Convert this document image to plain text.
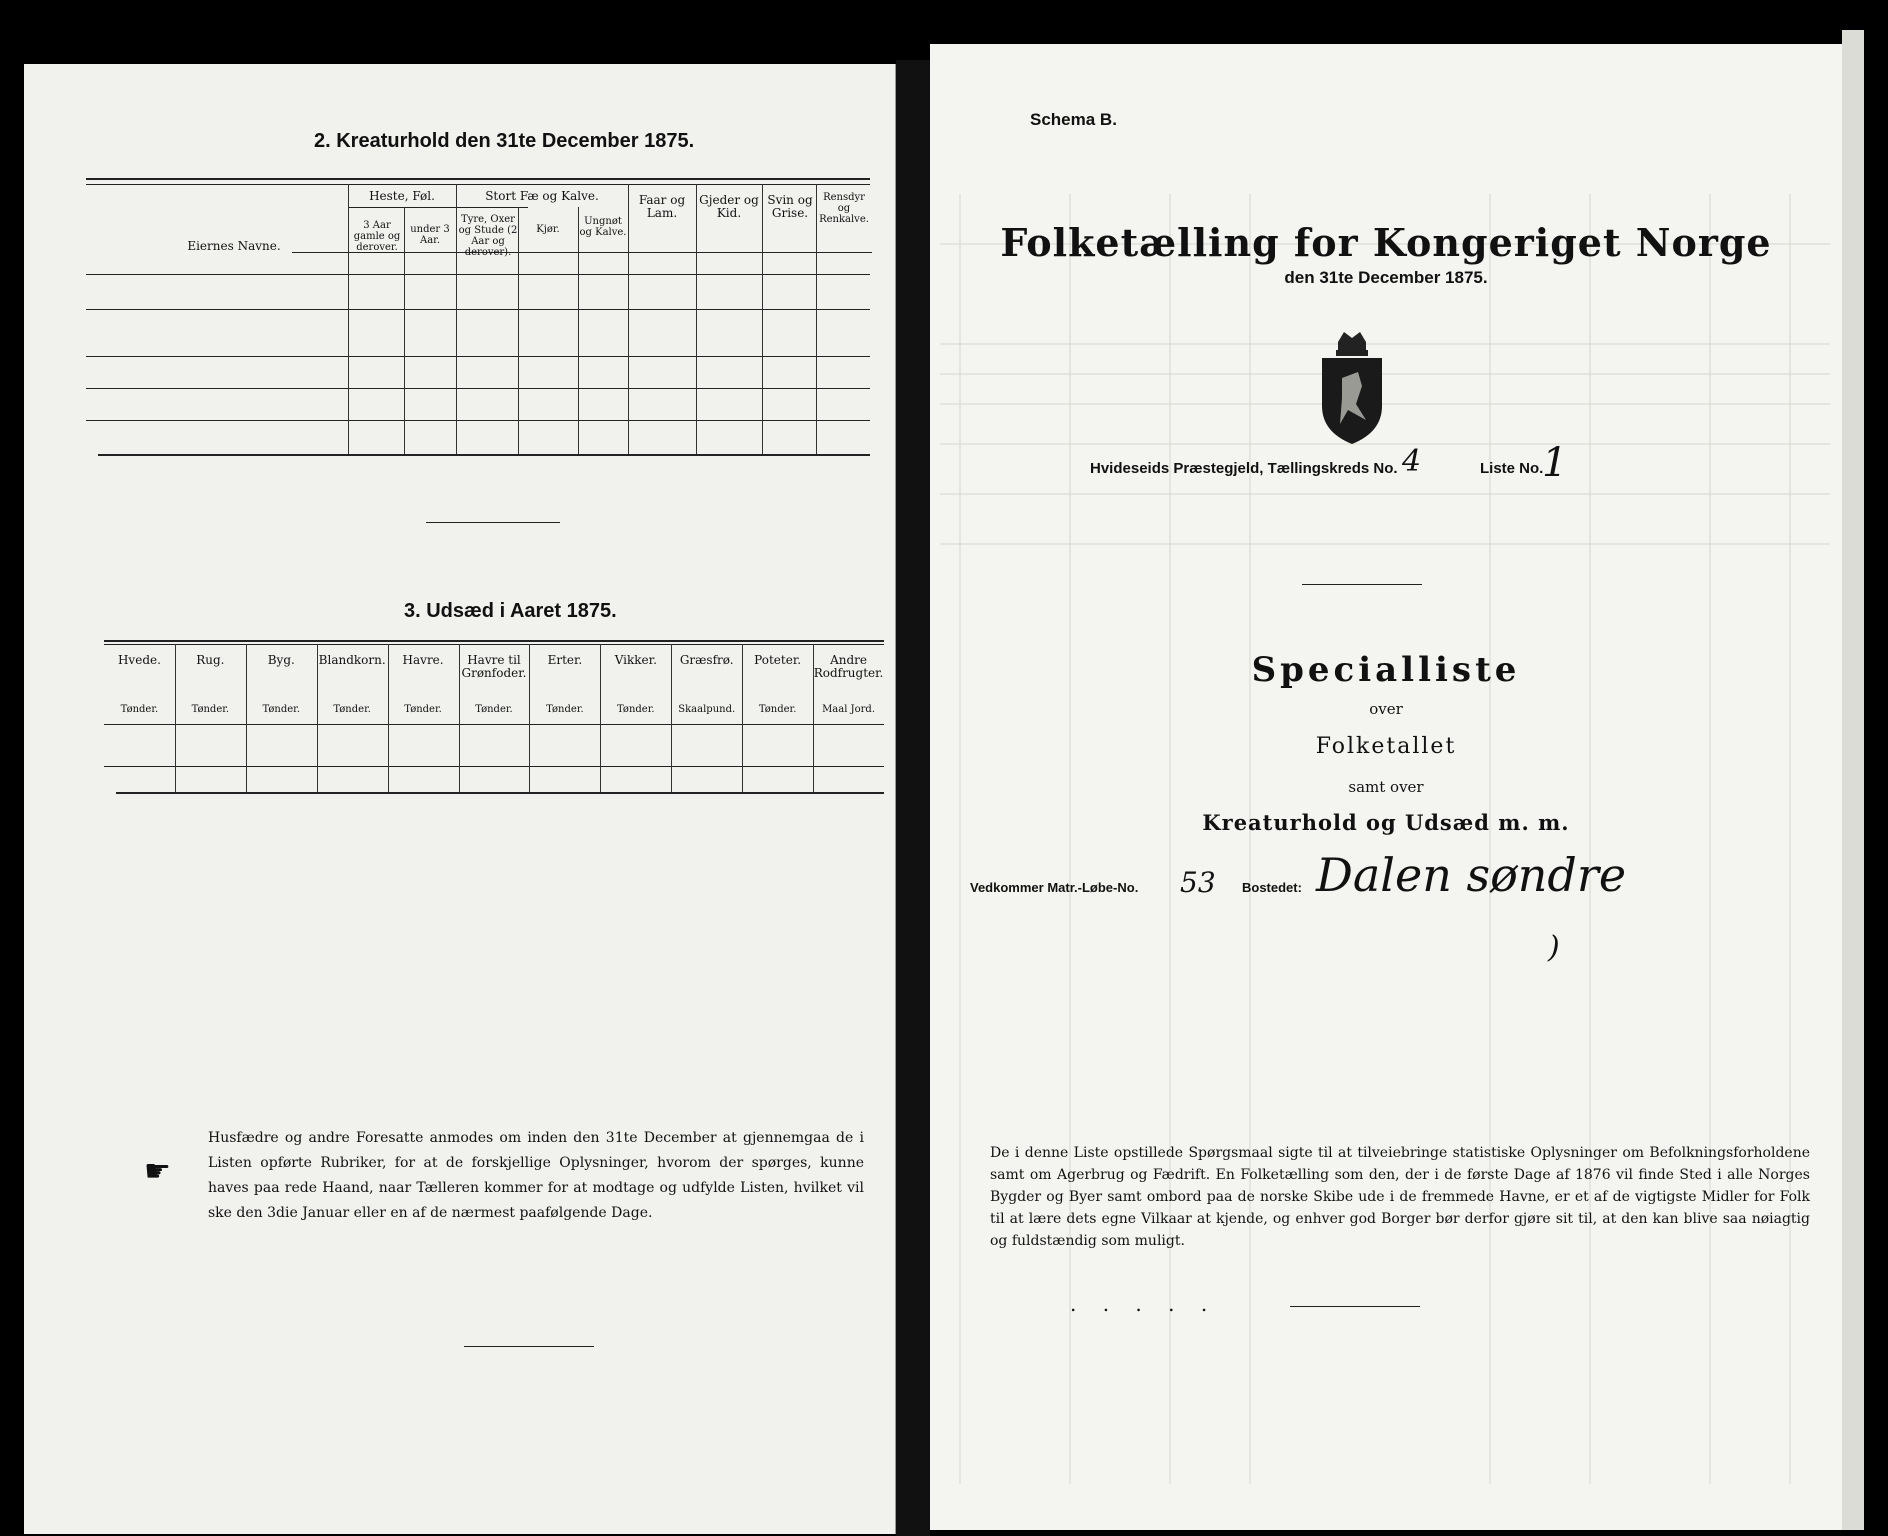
2. Kreaturhold den 31te December 1875.
Eiernes Navne.
Heste, Føl.
3 Aar gamle og derover.
under 3 Aar.
Stort Fæ og Kalve.
Tyre, Oxer og Stude (2 Aar og derover).
Kjør.
Ungnøt og Kalve.
Faar og Lam.
Gjeder og Kid.
Svin og Grise.
Rensdyr og Renkalve.
3. Udsæd i Aaret 1875.
Hvede.
Tønder.
Rug.
Tønder.
Byg.
Tønder.
Blandkorn.
Tønder.
Havre.
Tønder.
Havre til Grønfoder.
Tønder.
Erter.
Tønder.
Vikker.
Tønder.
Græsfrø.
Skaalpund.
Poteter.
Tønder.
Andre Rodfrugter.
Maal Jord.
☛
Husfædre og andre Foresatte anmodes om inden den 31te December at gjennemgaa de i Listen opførte Rubriker, for at de forskjellige Oplysninger, hvorom der spørges, kunne haves paa rede Haand, naar Tælleren kommer for at modtage og udfylde Listen, hvilket vil ske den 3die Januar eller en af de nærmest paafølgende Dage.
Schema B.
Folketælling for Kongeriget Norge
den 31te December 1875.
Hvideseids Præstegjeld, Tællingskreds No. 4	Liste No.
1
Specialliste
over
Folketallet
samt over
Kreaturhold og Udsæd m. m.
Vedkommer Matr.-Løbe-No. 53 Bostedet: Dalen søndre
)
De i denne Liste opstillede Spørgsmaal sigte til at tilveiebringe statistiske Oplysninger om Befolkningsforholdene samt om Agerbrug og Fædrift. En Folketælling som den, der i de første Dage af 1876 vil finde Sted i alle Norges Bygder og Byer samt ombord paa de norske Skibe ude i de fremmede Havne, er et af de vigtigste Midler for Folk til at lære dets egne Vilkaar at kjende, og enhver god Borger bør derfor gjøre sit til, at den kan blive saa nøiagtig og fuldstændig som muligt.
. . . . .
